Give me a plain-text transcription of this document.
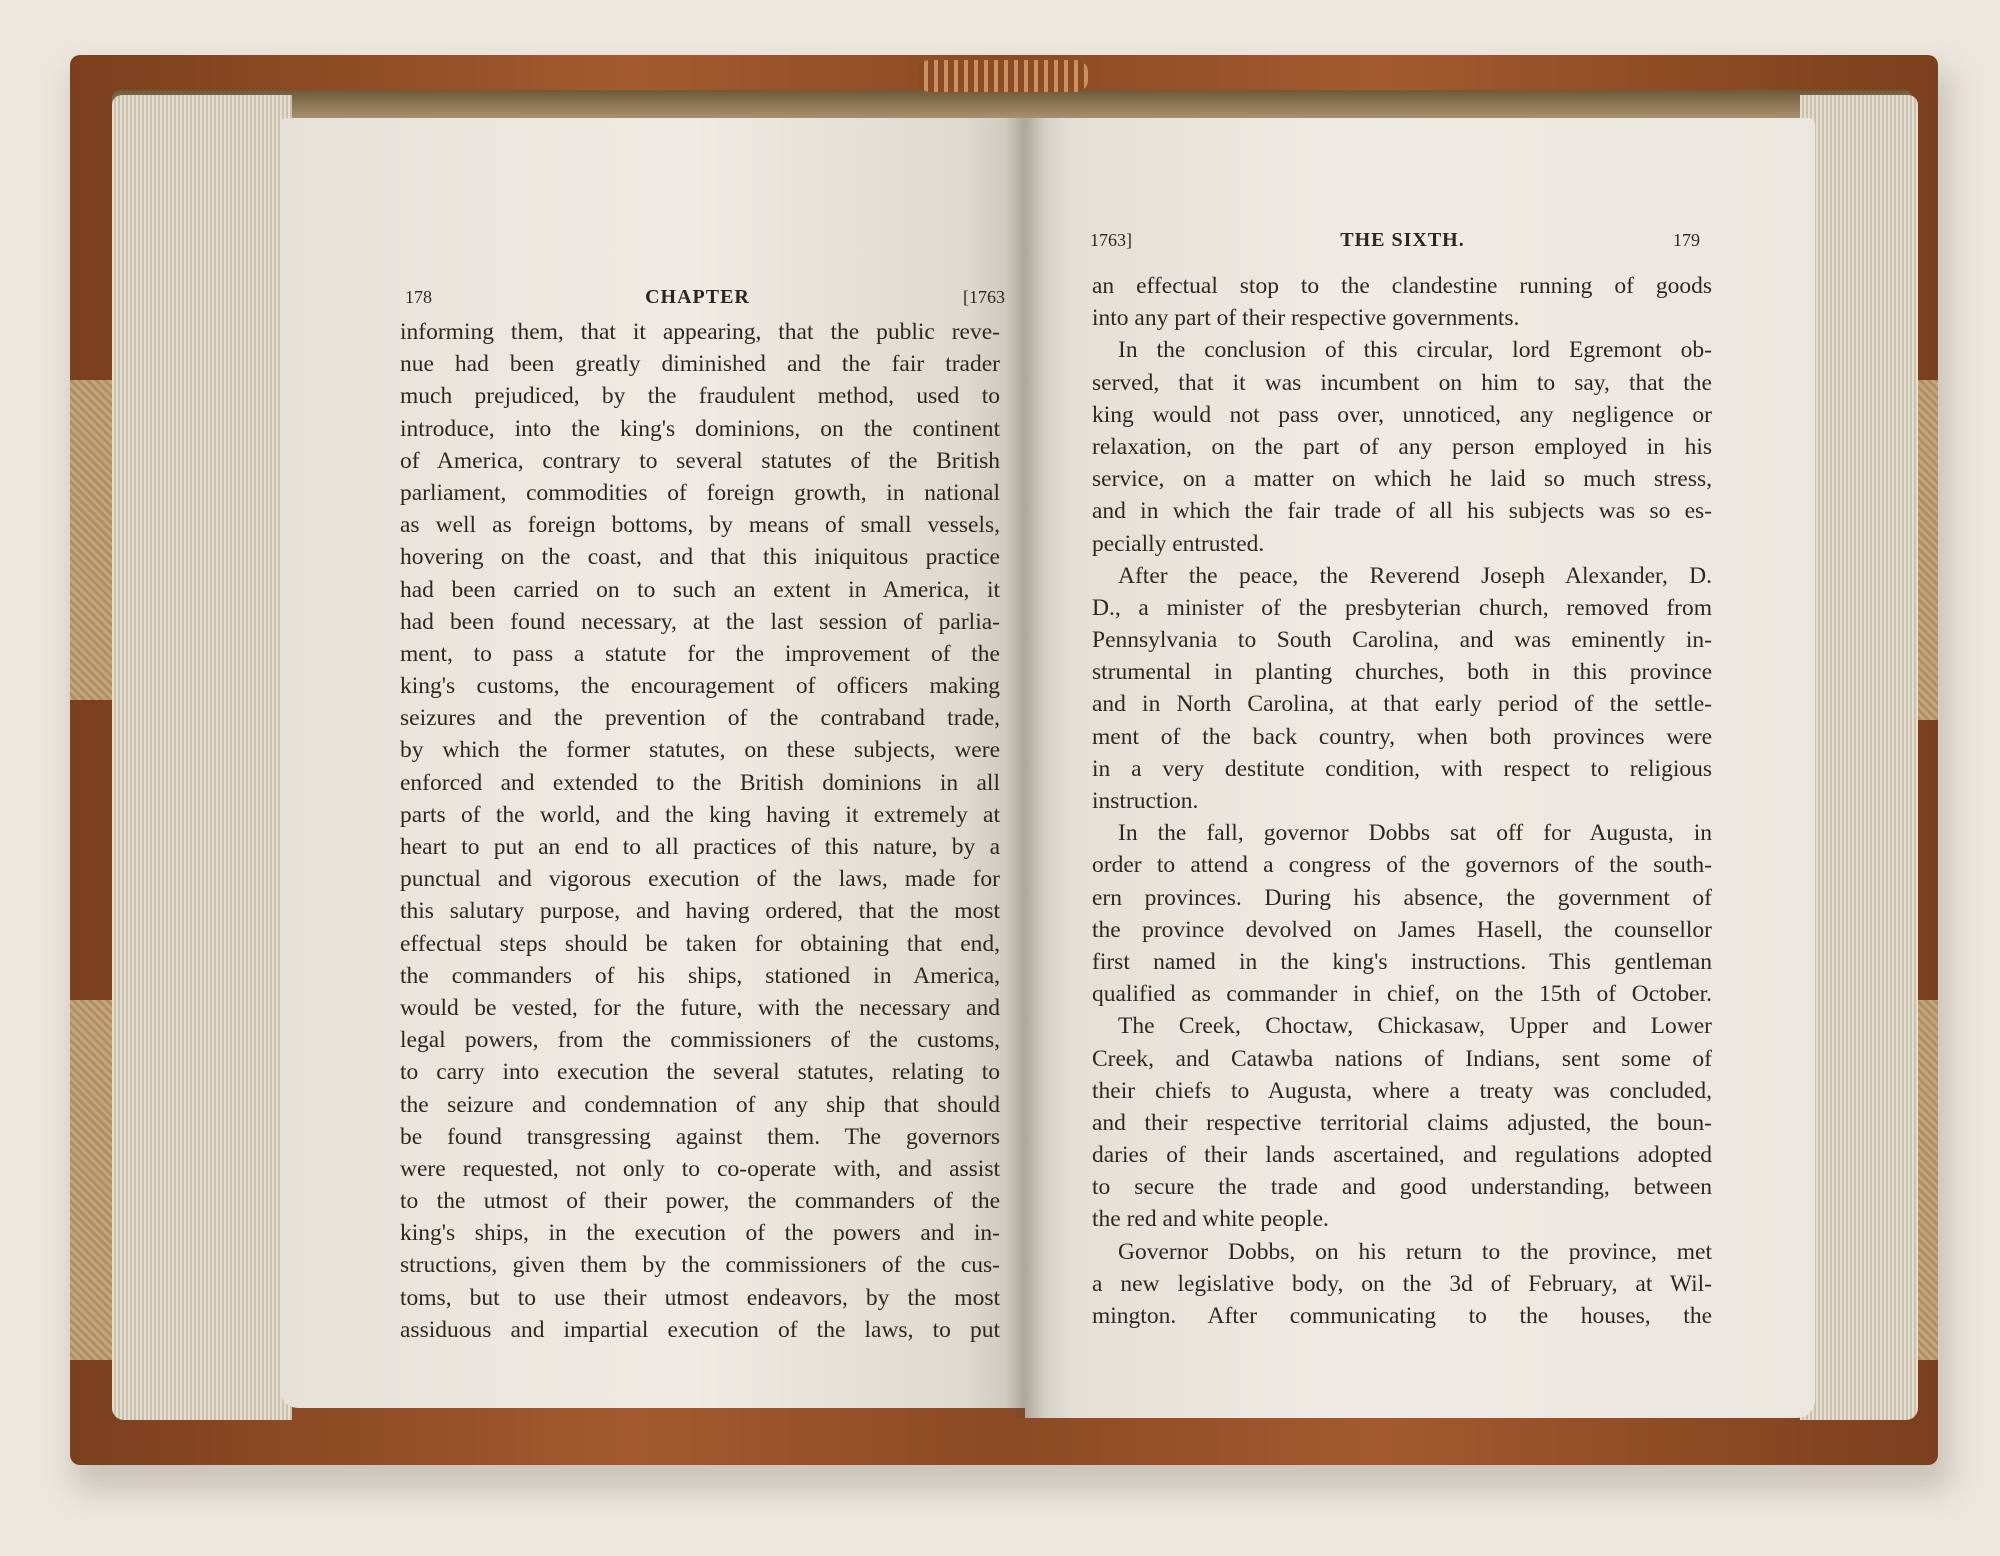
178	CHAPTER	[1763
informing them, that it appearing, that the public reve-
nue had been greatly diminished and the fair trader
much prejudiced, by the fraudulent method, used to
introduce, into the king's dominions, on the continent
of America, contrary to several statutes of the British
parliament, commodities of foreign growth, in national
as well as foreign bottoms, by means of small vessels,
hovering on the coast, and that this iniquitous practice
had been carried on to such an extent in America, it
had been found necessary, at the last session of parlia-
ment, to pass a statute for the improvement of the
king's customs, the encouragement of officers making
seizures and the prevention of the contraband trade,
by which the former statutes, on these subjects, were
enforced and extended to the British dominions in all
parts of the world, and the king having it extremely at
heart to put an end to all practices of this nature, by a
punctual and vigorous execution of the laws, made for
this salutary purpose, and having ordered, that the most
effectual steps should be taken for obtaining that end,
the commanders of his ships, stationed in America,
would be vested, for the future, with the necessary and
legal powers, from the commissioners of the customs,
to carry into execution the several statutes, relating to
the seizure and condemnation of any ship that should
be found transgressing against them. The governors
were requested, not only to co-operate with, and assist
to the utmost of their power, the commanders of the
king's ships, in the execution of the powers and in-
structions, given them by the commissioners of the cus-
toms, but to use their utmost endeavors, by the most
assiduous and impartial execution of the laws, to put
1763]	THE SIXTH.	179
an effectual stop to the clandestine running of goods
into any part of their respective governments.
In the conclusion of this circular, lord Egremont ob-
served, that it was incumbent on him to say, that the
king would not pass over, unnoticed, any negligence or
relaxation, on the part of any person employed in his
service, on a matter on which he laid so much stress,
and in which the fair trade of all his subjects was so es-
pecially entrusted.
After the peace, the Reverend Joseph Alexander, D.
D., a minister of the presbyterian church, removed from
Pennsylvania to South Carolina, and was eminently in-
strumental in planting churches, both in this province
and in North Carolina, at that early period of the settle-
ment of the back country, when both provinces were
in a very destitute condition, with respect to religious
instruction.
In the fall, governor Dobbs sat off for Augusta, in
order to attend a congress of the governors of the south-
ern provinces. During his absence, the government of
the province devolved on James Hasell, the counsellor
first named in the king's instructions. This gentleman
qualified as commander in chief, on the 15th of October.
The Creek, Choctaw, Chickasaw, Upper and Lower
Creek, and Catawba nations of Indians, sent some of
their chiefs to Augusta, where a treaty was concluded,
and their respective territorial claims adjusted, the boun-
daries of their lands ascertained, and regulations adopted
to secure the trade and good understanding, between
the red and white people.
Governor Dobbs, on his return to the province, met
a new legislative body, on the 3d of February, at Wil-
mington. After communicating to the houses, the
